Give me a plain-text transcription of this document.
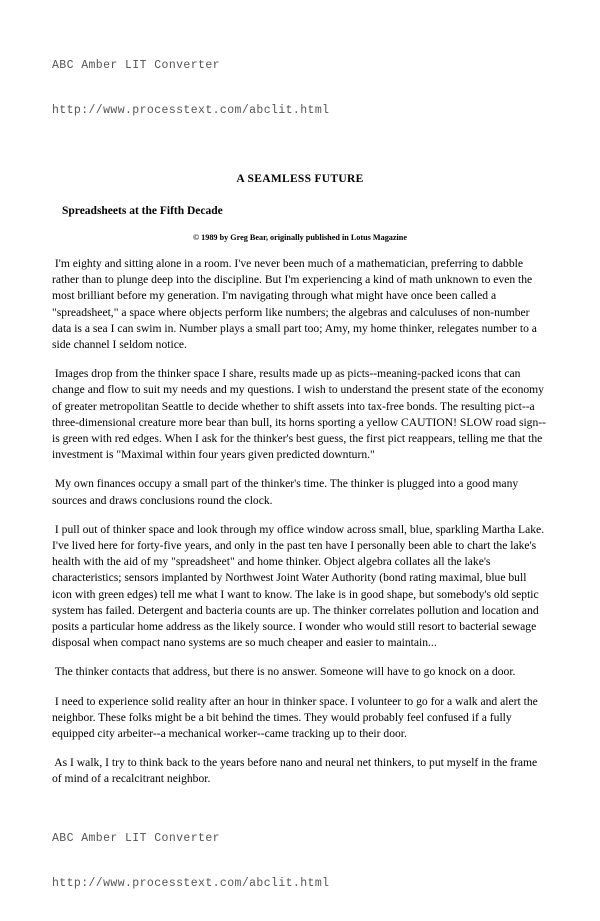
ABC Amber LIT Converter

http://www.processtext.com/abclit.html

A SEAMLESS FUTURE
Spreadsheets at the Fifth Decade
© 1989 by Greg Bear, originally published in Lotus Magazine

I'm eighty and sitting alone in a room. I've never been much of a mathematician, preferring to dabble rather than to plunge deep into the discipline. But I'm experiencing a kind of math unknown to even the most brilliant before my generation. I'm navigating through what might have once been called a "spreadsheet," a space where objects perform like numbers; the algebras and calculuses of non-number data is a sea I can swim in. Number plays a small part too; Amy, my home thinker, relegates number to a side channel I seldom notice.

Images drop from the thinker space I share, results made up as picts--meaning-packed icons that can change and flow to suit my needs and my questions. I wish to understand the present state of the economy of greater metropolitan Seattle to decide whether to shift assets into tax-free bonds. The resulting pict--a three-dimensional creature more bear than bull, its horns sporting a yellow CAUTION! SLOW road sign--is green with red edges. When I ask for the thinker's best guess, the first pict reappears, telling me that the investment is "Maximal within four years given predicted downturn."

My own finances occupy a small part of the thinker's time. The thinker is plugged into a good many sources and draws conclusions round the clock.

I pull out of thinker space and look through my office window across small, blue, sparkling Martha Lake. I've lived here for forty-five years, and only in the past ten have I personally been able to chart the lake's health with the aid of my "spreadsheet" and home thinker. Object algebra collates all the lake's characteristics; sensors implanted by Northwest Joint Water Authority (bond rating maximal, blue bull icon with green edges) tell me what I want to know. The lake is in good shape, but somebody's old septic system has failed. Detergent and bacteria counts are up. The thinker correlates pollution and location and posits a particular home address as the likely source. I wonder who would still resort to bacterial sewage disposal when compact nano systems are so much cheaper and easier to maintain...

The thinker contacts that address, but there is no answer. Someone will have to go knock on a door.

I need to experience solid reality after an hour in thinker space. I volunteer to go for a walk and alert the neighbor. These folks might be a bit behind the times. They would probably feel confused if a fully equipped city arbeiter--a mechanical worker--came tracking up to their door.

As I walk, I try to think back to the years before nano and neural net thinkers, to put myself in the frame of mind of a recalcitrant neighbor.

ABC Amber LIT Converter

http://www.processtext.com/abclit.html
